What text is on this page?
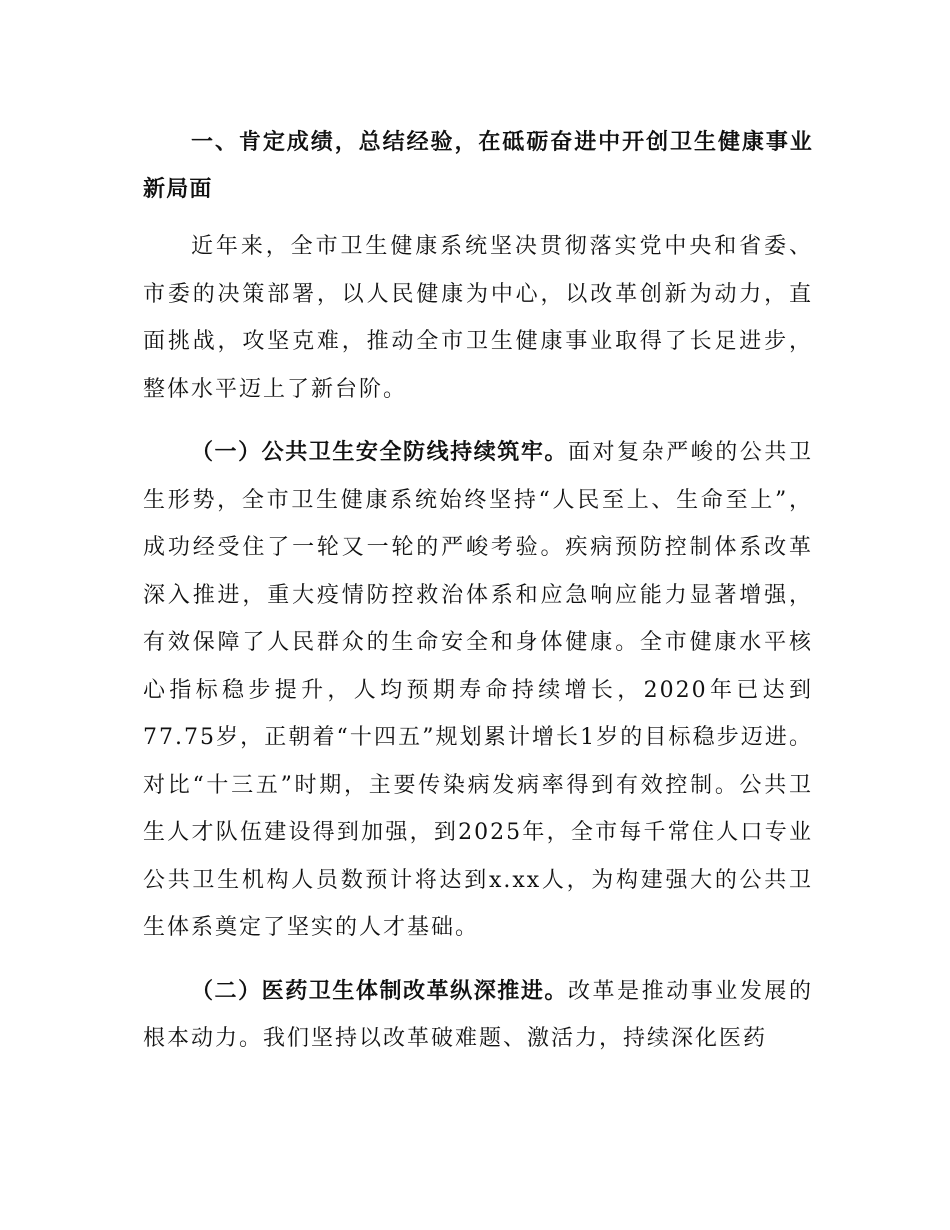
一、肯定成绩，总结经验，在砥砺奋进中开创卫生健康事业新局面

近年来，全市卫生健康系统坚决贯彻落实党中央和省委、市委的决策部署，以人民健康为中心，以改革创新为动力，直面挑战，攻坚克难，推动全市卫生健康事业取得了长足进步，整体水平迈上了新台阶。

（一）公共卫生安全防线持续筑牢。面对复杂严峻的公共卫生形势，全市卫生健康系统始终坚持“人民至上、生命至上”，成功经受住了一轮又一轮的严峻考验。疾病预防控制体系改革深入推进，重大疫情防控救治体系和应急响应能力显著增强，有效保障了人民群众的生命安全和身体健康。全市健康水平核心指标稳步提升，人均预期寿命持续增长，2020年已达到77.75岁，正朝着“十四五”规划累计增长1岁的目标稳步迈进。对比“十三五”时期，主要传染病发病率得到有效控制。公共卫生人才队伍建设得到加强，到2025年，全市每千常住人口专业公共卫生机构人员数预计将达到x.xx人，为构建强大的公共卫生体系奠定了坚实的人才基础。

（二）医药卫生体制改革纵深推进。改革是推动事业发展的根本动力。我们坚持以改革破难题、激活力，持续深化医药
